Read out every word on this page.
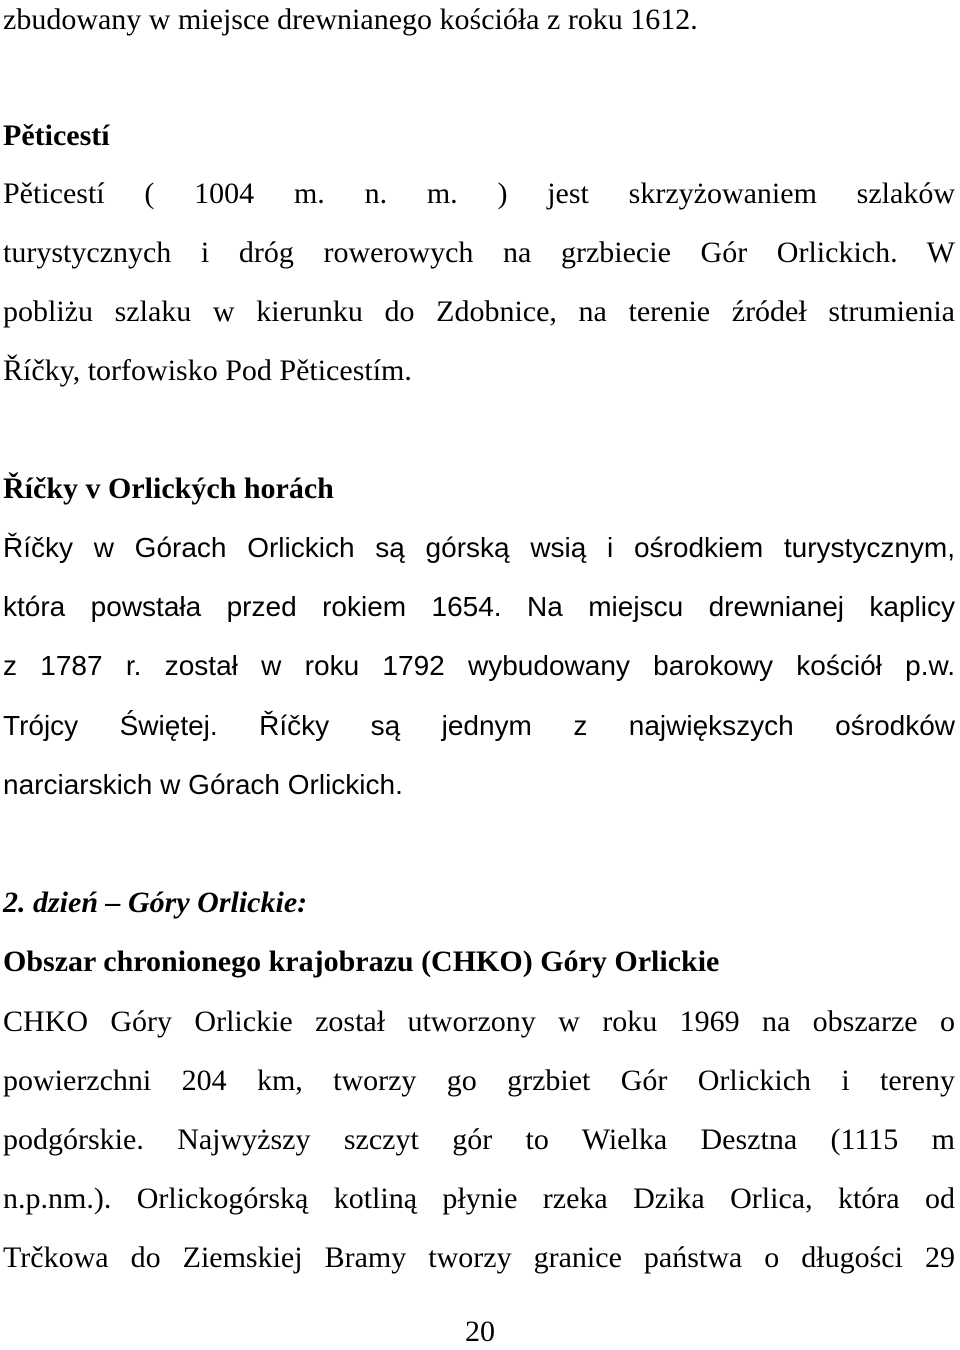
zbudowany w miejsce drewnianego kościóła z roku 1612.
Pěticestí
Pěticestí ( 1004 m. n. m. ) jest skrzyżowaniem szlaków
turystycznych i dróg rowerowych na grzbiecie Gór Orlickich. W
pobliżu szlaku w kierunku do Zdobnice, na terenie źródeł strumienia
Říčky, torfowisko Pod Pěticestím.
Říčky v Orlických horách
Říčky w Górach Orlickich są górską wsią i ośrodkiem turystycznym,
która powstała przed rokiem 1654. Na miejscu drewnianej kaplicy
z 1787 r. został w roku 1792 wybudowany barokowy kościół p.w.
Trójcy Świętej. Říčky są jednym z największych ośrodków
narciarskich w Górach Orlickich.
2. dzień – Góry Orlickie:
Obszar chronionego krajobrazu (CHKO) Góry Orlickie
CHKO Góry Orlickie został utworzony w roku 1969 na obszarze o
powierzchni 204 km, tworzy go grzbiet Gór Orlickich i tereny
podgórskie. Najwyższy szczyt gór to Wielka Desztna (1115 m
n.p.nm.). Orlickogórską kotliną płynie rzeka Dzika Orlica, która od
Trčkowa do Ziemskiej Bramy tworzy granice państwa o długości 29
20
